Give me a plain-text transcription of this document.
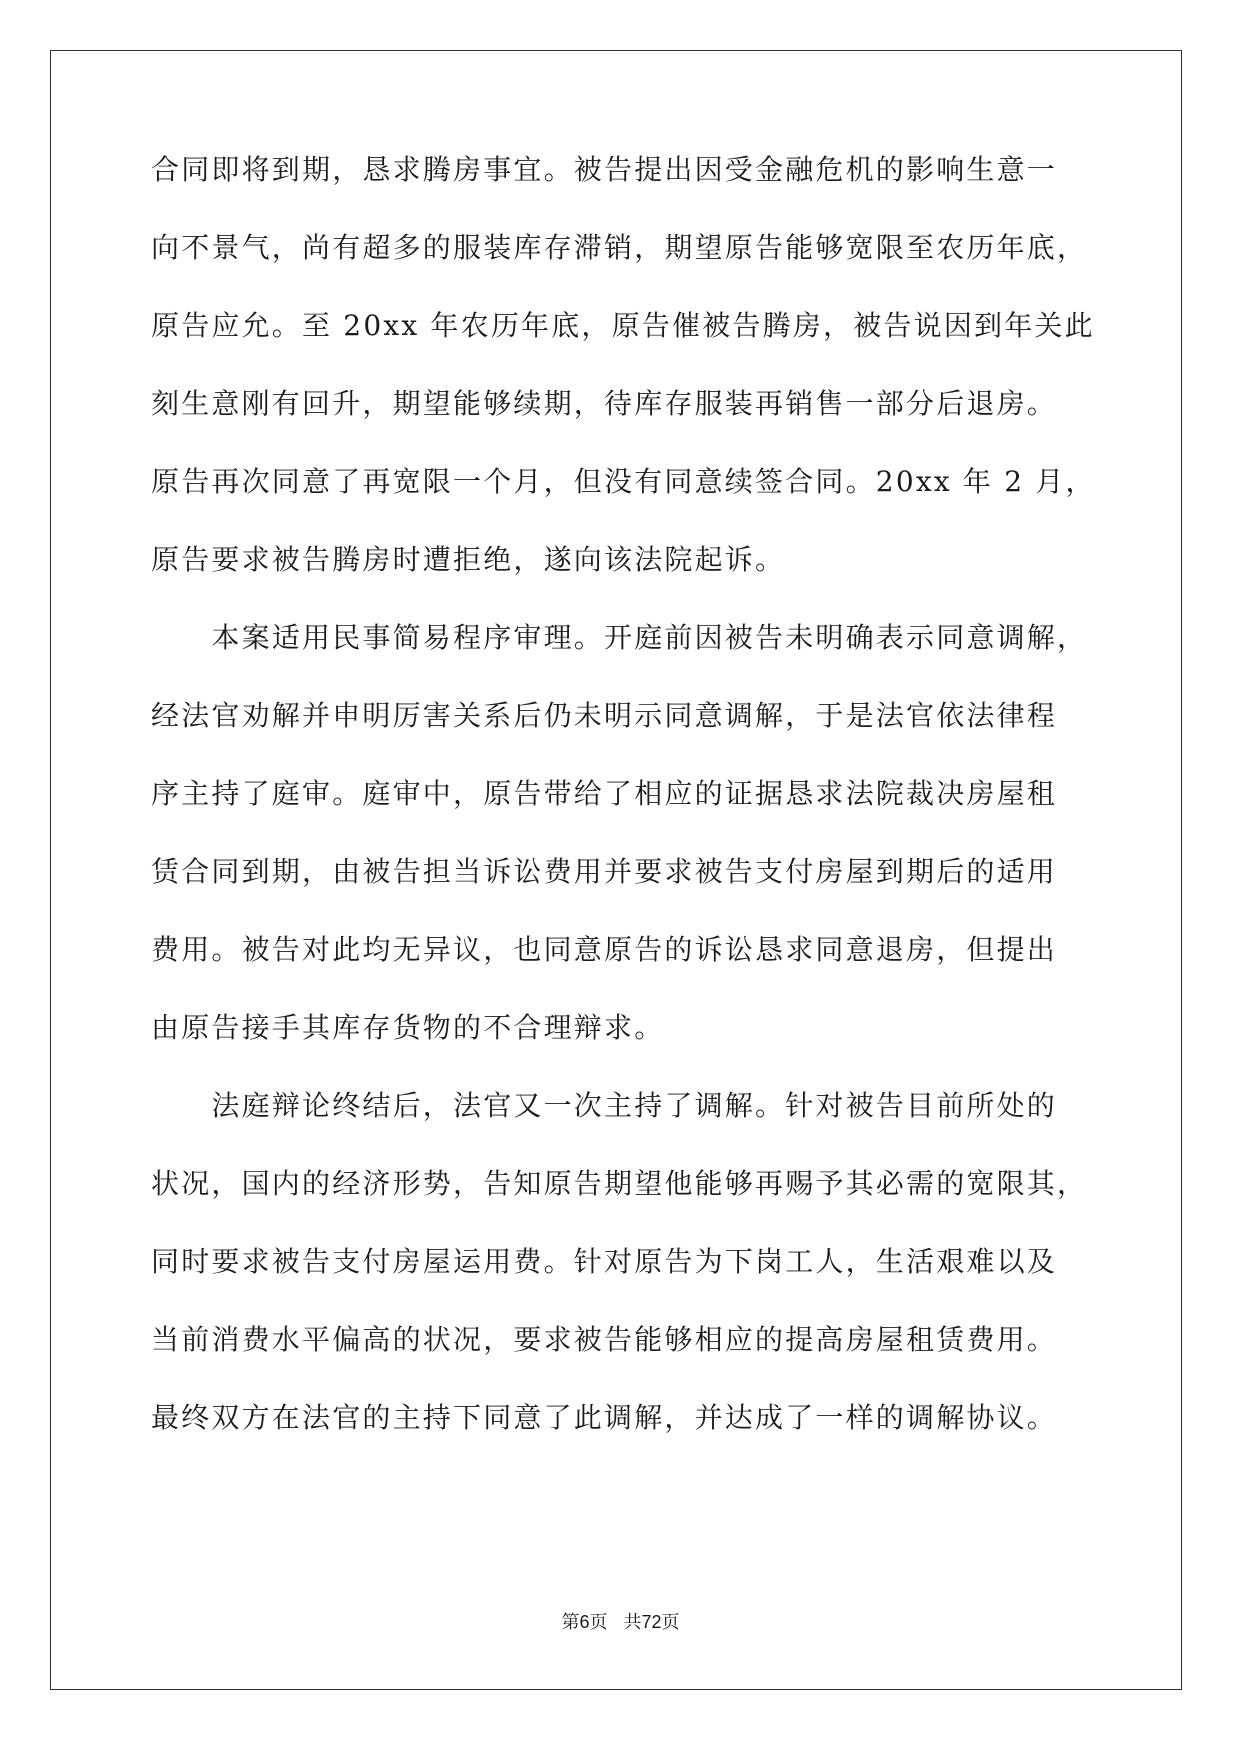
合同即将到期，恳求腾房事宜。被告提出因受金融危机的影响生意一

向不景气，尚有超多的服装库存滞销，期望原告能够宽限至农历年底，

原告应允。至 20xx 年农历年底，原告催被告腾房，被告说因到年关此

刻生意刚有回升，期望能够续期，待库存服装再销售一部分后退房。

原告再次同意了再宽限一个月，但没有同意续签合同。20xx 年 2 月，

原告要求被告腾房时遭拒绝，遂向该法院起诉。

　　本案适用民事简易程序审理。开庭前因被告未明确表示同意调解，

经法官劝解并申明厉害关系后仍未明示同意调解，于是法官依法律程

序主持了庭审。庭审中，原告带给了相应的证据恳求法院裁决房屋租

赁合同到期，由被告担当诉讼费用并要求被告支付房屋到期后的适用

费用。被告对此均无异议，也同意原告的诉讼恳求同意退房，但提出

由原告接手其库存货物的不合理辩求。

　　法庭辩论终结后，法官又一次主持了调解。针对被告目前所处的

状况，国内的经济形势，告知原告期望他能够再赐予其必需的宽限其，

同时要求被告支付房屋运用费。针对原告为下岗工人，生活艰难以及

当前消费水平偏高的状况，要求被告能够相应的提高房屋租赁费用。

最终双方在法官的主持下同意了此调解，并达成了一样的调解协议。

第6页 共72页
